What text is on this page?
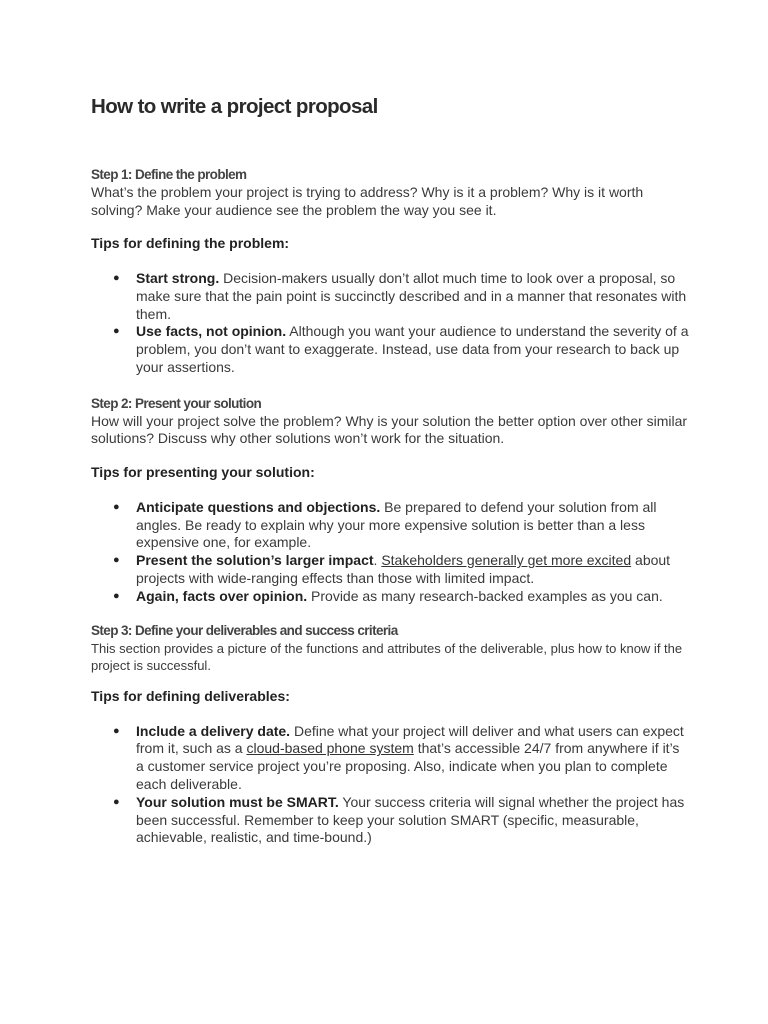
How to write a project proposal
Step 1: Define the problem

What’s the problem your project is trying to address? Why is it a problem? Why is it worth solving? Make your audience see the problem the way you see it.

Tips for defining the problem:
● Start strong. Decision-makers usually don’t allot much time to look over a proposal, so make sure that the pain point is succinctly described and in a manner that resonates with them.
● Use facts, not opinion. Although you want your audience to understand the severity of a problem, you don’t want to exaggerate. Instead, use data from your research to back up your assertions.
Step 2: Present your solution

How will your project solve the problem? Why is your solution the better option over other similar solutions? Discuss why other solutions won’t work for the situation.

Tips for presenting your solution:
● Anticipate questions and objections. Be prepared to defend your solution from all angles. Be ready to explain why your more expensive solution is better than a less expensive one, for example.
● Present the solution’s larger impact. Stakeholders generally get more excited about projects with wide-ranging effects than those with limited impact.
● Again, facts over opinion. Provide as many research-backed examples as you can.
Step 3: Define your deliverables and success criteria

This section provides a picture of the functions and attributes of the deliverable, plus how to know if the project is successful.

Tips for defining deliverables:
● Include a delivery date. Define what your project will deliver and what users can expect from it, such as a cloud-based phone system that’s accessible 24/7 from anywhere if it’s a customer service project you’re proposing. Also, indicate when you plan to complete each deliverable.
● Your solution must be SMART. Your success criteria will signal whether the project has been successful. Remember to keep your solution SMART (specific, measurable, achievable, realistic, and time-bound.)
